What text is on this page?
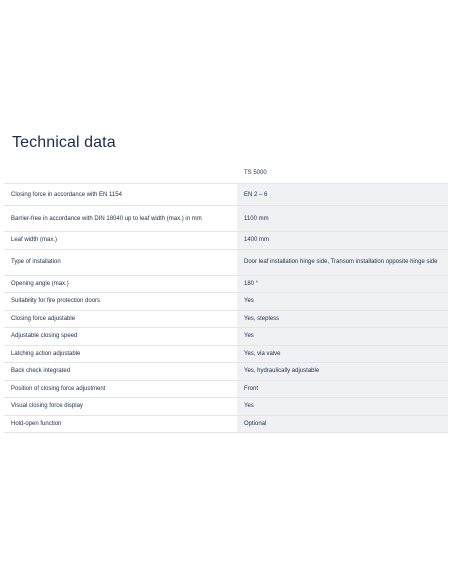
Technical data
	TS 5000
Closing force in accordance with EN 1154	EN 2 – 6
Barrier-free in accordance with DIN 18040 up to leaf width (max.) in mm	1100 mm
Leaf width (max.)	1400 mm
Type of installation	Door leaf installation hinge side, Transom installation opposite hinge side
Opening angle (max.)	180 °
Suitability for fire protection doors	Yes
Closing force adjustable	Yes, stepless
Adjustable closing speed	Yes
Latching action adjustable	Yes, via valve
Back check integrated	Yes, hydraulically adjustable
Position of closing force adjustment	Front
Visual closing force display	Yes
Hold-open function	Optional
